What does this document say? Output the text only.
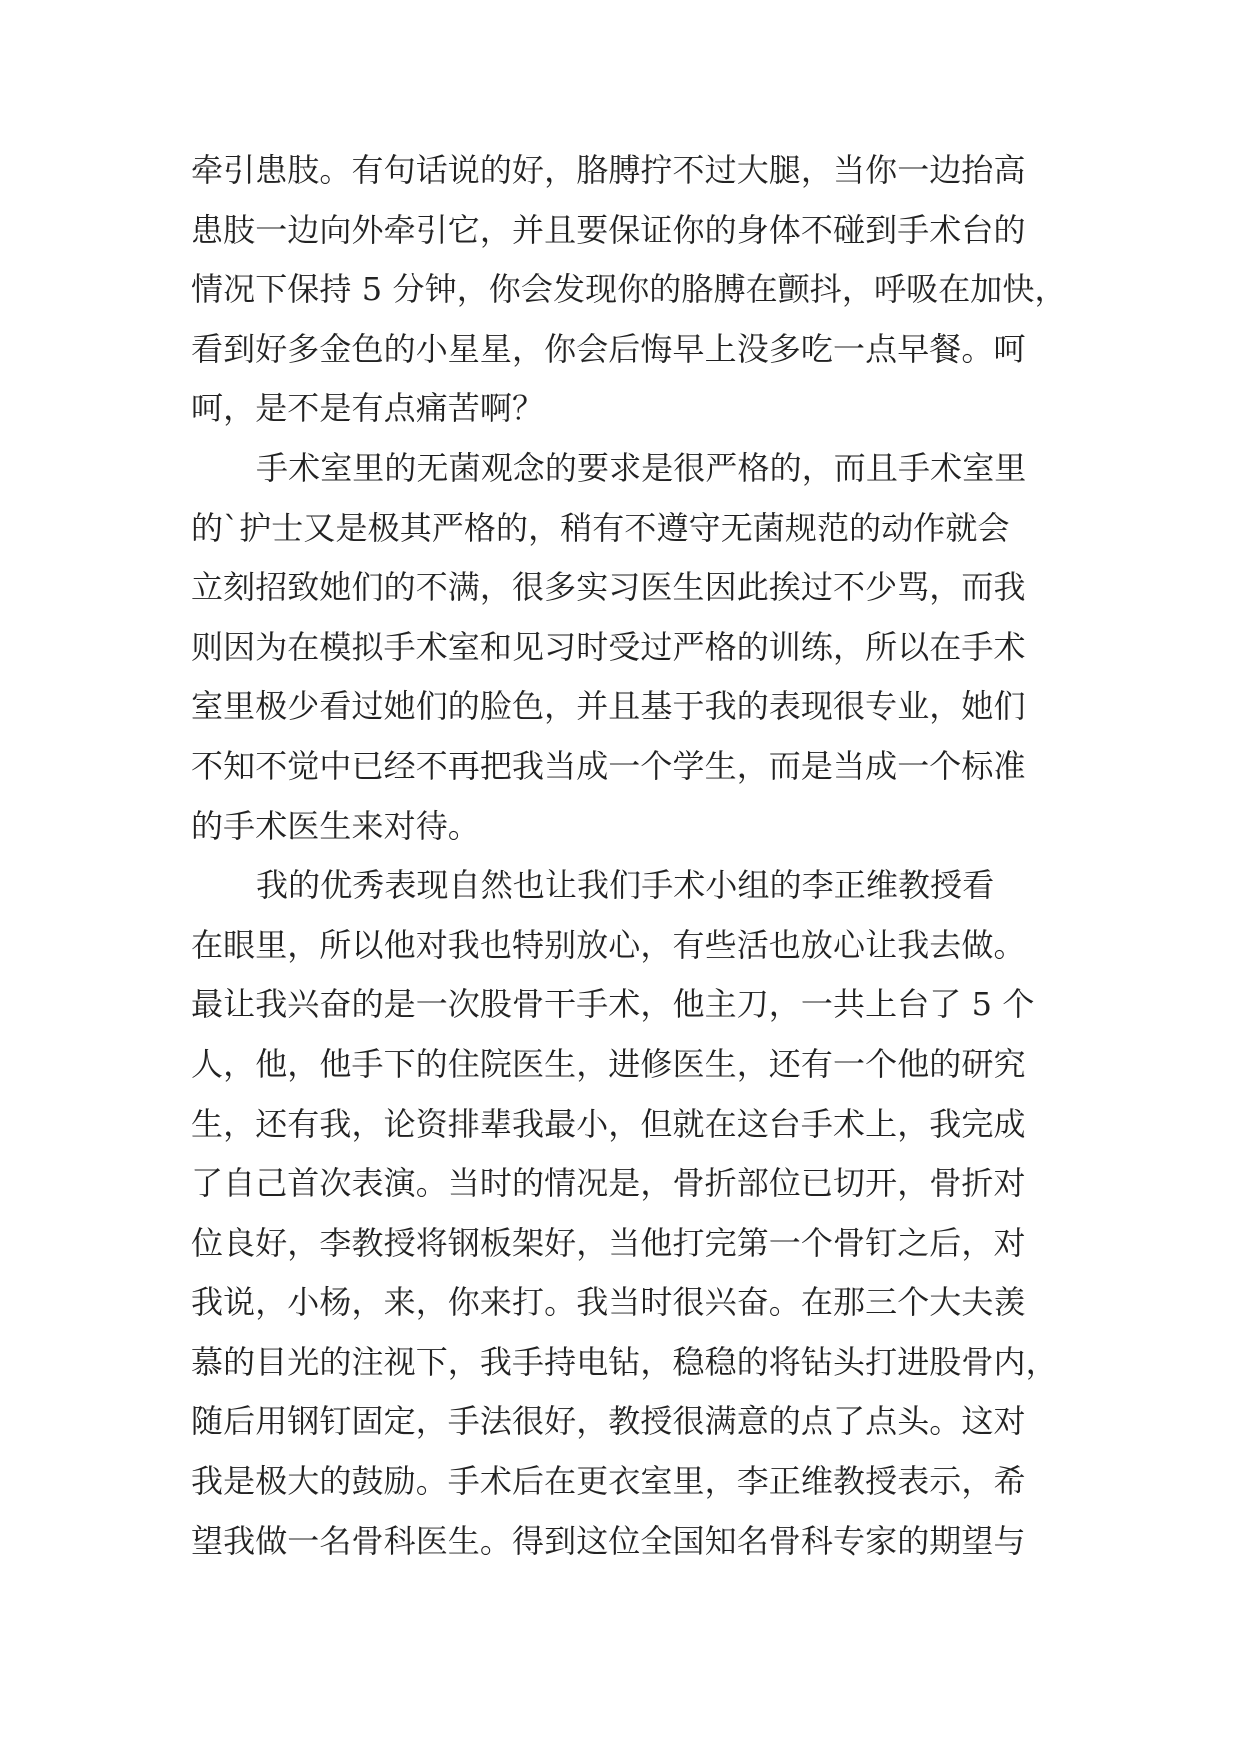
牵引患肢。有句话说的好，胳膊拧不过大腿，当你一边抬高
患肢一边向外牵引它，并且要保证你的身体不碰到手术台的
情况下保持 5 分钟，你会发现你的胳膊在颤抖，呼吸在加快，
看到好多金色的小星星，你会后悔早上没多吃一点早餐。呵
呵，是不是有点痛苦啊？
手术室里的无菌观念的要求是很严格的，而且手术室里
的`护士又是极其严格的，稍有不遵守无菌规范的动作就会
立刻招致她们的不满，很多实习医生因此挨过不少骂，而我
则因为在模拟手术室和见习时受过严格的训练，所以在手术
室里极少看过她们的脸色，并且基于我的表现很专业，她们
不知不觉中已经不再把我当成一个学生，而是当成一个标准
的手术医生来对待。
我的优秀表现自然也让我们手术小组的李正维教授看
在眼里，所以他对我也特别放心，有些活也放心让我去做。
最让我兴奋的是一次股骨干手术，他主刀，一共上台了 5 个
人，他，他手下的住院医生，进修医生，还有一个他的研究
生，还有我，论资排辈我最小，但就在这台手术上，我完成
了自己首次表演。当时的情况是，骨折部位已切开，骨折对
位良好，李教授将钢板架好，当他打完第一个骨钉之后，对
我说，小杨，来，你来打。我当时很兴奋。在那三个大夫羡
慕的目光的注视下，我手持电钻，稳稳的将钻头打进股骨内，
随后用钢钉固定，手法很好，教授很满意的点了点头。这对
我是极大的鼓励。手术后在更衣室里，李正维教授表示，希
望我做一名骨科医生。得到这位全国知名骨科专家的期望与
